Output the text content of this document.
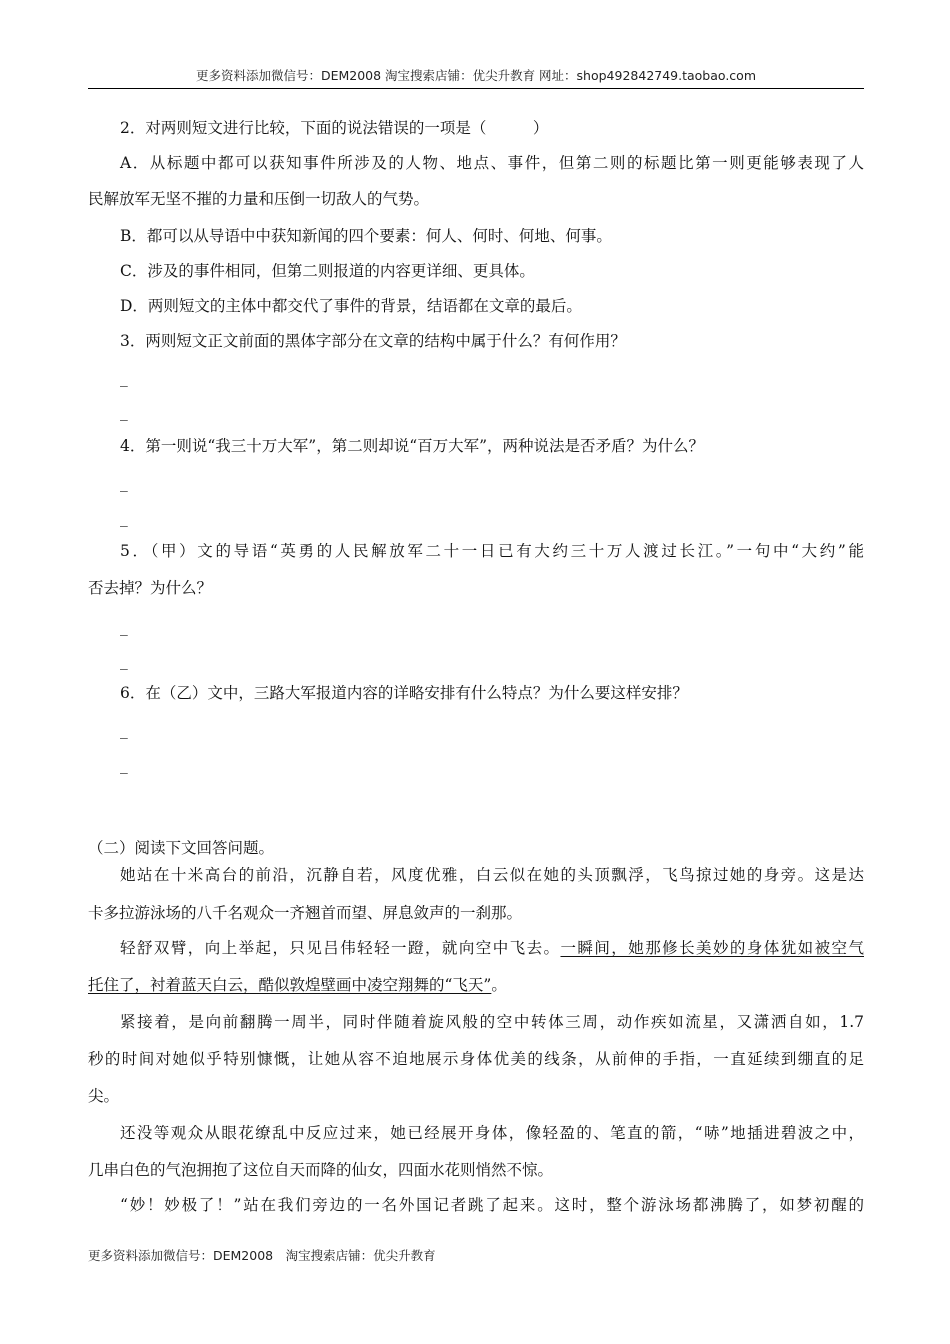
更多资料添加微信号：DEM2008 淘宝搜索店铺：优尖升教育 网址：shop492842749.taobao.com
2．对两则短文进行比较，下面的说法错误的一项是（　　　）
A．从标题中都可以获知事件所涉及的人物、地点、事件，但第二则的标题比第一则更能够表现了人
民解放军无坚不摧的力量和压倒一切敌人的气势。
B．都可以从导语中中获知新闻的四个要素：何人、何时、何地、何事。
C．涉及的事件相同，但第二则报道的内容更详细、更具体。
D．两则短文的主体中都交代了事件的背景，结语都在文章的最后。
3．两则短文正文前面的黑体字部分在文章的结构中属于什么？有何作用？
_
_
4．第一则说“我三十万大军”，第二则却说“百万大军”，两种说法是否矛盾？为什么？
_
_
5．（甲）文的导语“英勇的人民解放军二十一日已有大约三十万人渡过长江。”一句中“大约”能
否去掉？为什么？
_
_
6．在（乙）文中，三路大军报道内容的详略安排有什么特点？为什么要这样安排？
_
_
（二）阅读下文回答问题。
她站在十米高台的前沿，沉静自若，风度优雅，白云似在她的头顶飘浮，飞鸟掠过她的身旁。这是达
卡多拉游泳场的八千名观众一齐翘首而望、屏息敛声的一刹那。
轻舒双臂，向上举起，只见吕伟轻轻一蹬，就向空中飞去。一瞬间，她那修长美妙的身体犹如被空气
托住了，衬着蓝天白云，酷似敦煌壁画中凌空翔舞的“飞天”。
紧接着，是向前翻腾一周半，同时伴随着旋风般的空中转体三周，动作疾如流星，又潇洒自如，1.7
秒的时间对她似乎特别慷慨，让她从容不迫地展示身体优美的线条，从前伸的手指，一直延续到绷直的足
尖。
还没等观众从眼花缭乱中反应过来，她已经展开身体，像轻盈的、笔直的箭，“哧”地插进碧波之中，
几串白色的气泡拥抱了这位自天而降的仙女，四面水花则悄然不惊。
“妙！妙极了！”站在我们旁边的一名外国记者跳了起来。这时，整个游泳场都沸腾了，如梦初醒的
更多资料添加微信号：DEM2008　淘宝搜索店铺：优尖升教育
